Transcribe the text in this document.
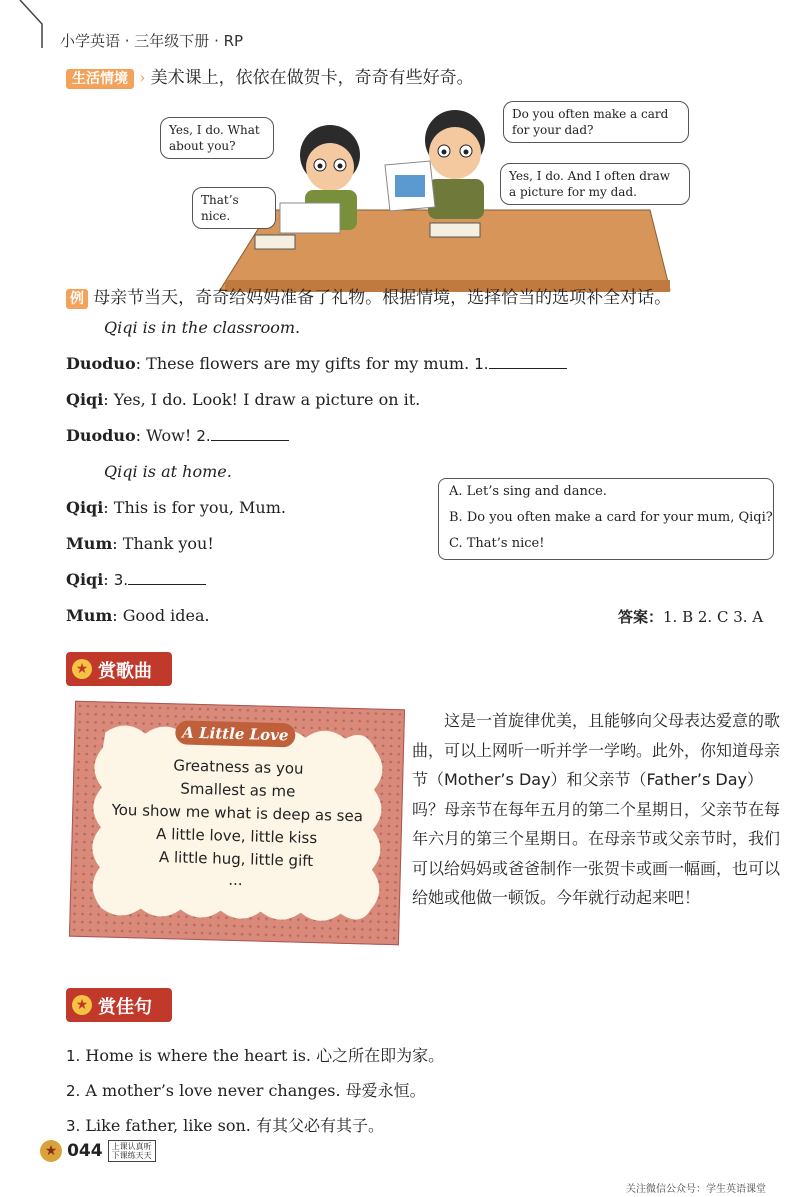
小学英语 · 三年级下册 · RP
生活情境 › 美术课上，依依在做贺卡，奇奇有些好奇。
Do you often make a card for your dad?
Yes, I do. What about you?
Yes, I do. And I often draw a picture for my dad.
That’s nice.
例 母亲节当天，奇奇给妈妈准备了礼物。根据情境，选择恰当的选项补全对话。
Qiqi is in the classroom.
Duoduo: These flowers are my gifts for my mum. 1.
Qiqi: Yes, I do. Look! I draw a picture on it.
Duoduo: Wow! 2.
Qiqi is at home.
Qiqi: This is for you, Mum.
Mum: Thank you!
Qiqi: 3.
Mum: Good idea.
A. Let’s sing and dance.
B. Do you often make a card for your mum, Qiqi?
C. That’s nice!
答案：1. B 2. C 3. A
★ 赏歌曲
A Little Love
Greatness as you
Smallest as me
You show me what is deep as sea
A little love, little kiss
A little hug, little gift
...
这是一首旋律优美，且能够向父母表达爱意的歌曲，可以上网听一听并学一学哟。此外，你知道母亲节（Mother’s Day）和父亲节（Father’s Day）吗？母亲节在每年五月的第二个星期日，父亲节在每年六月的第三个星期日。在母亲节或父亲节时，我们可以给妈妈或爸爸制作一张贺卡或画一幅画，也可以给她或他做一顿饭。今年就行动起来吧！
★ 赏佳句
1. Home is where the heart is. 心之所在即为家。
2. A mother’s love never changes. 母爱永恒。
3. Like father, like son. 有其父必有其子。
★ 044 上课认真听
下课练天天
关注微信公众号：学生英语课堂
